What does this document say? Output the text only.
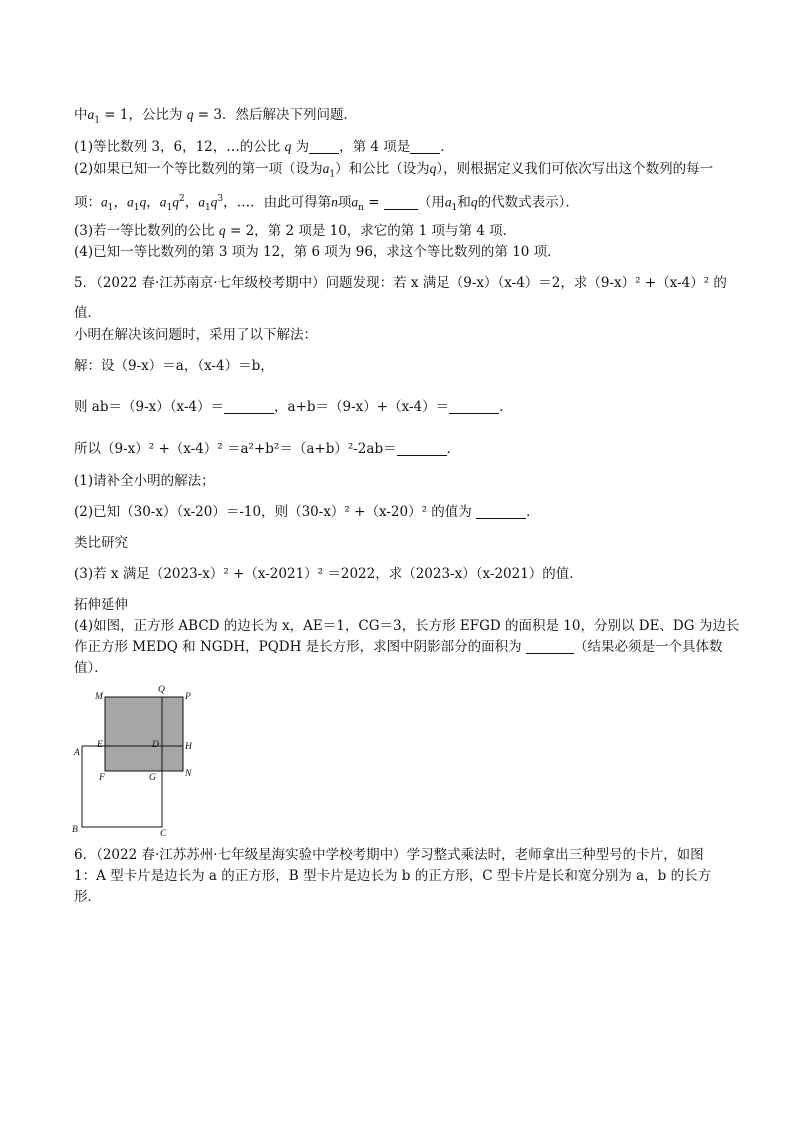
中$a_1 = 1$，公比为 q = 3．然后解决下列问题．
(1)等比数列 3，6，12，…的公比 q 为 ，第 4 项是 ．
(2)如果已知一个等比数列的第一项（设为$a_1$）和公比（设为q），则根据定义我们可依次写出这个数列的每一
项：$a_1$，$a_1q$，$a_1q^2$，$a_1q^3$，…．由此可得第n项$a_n$ =	（用$a_1$和q的代数式表示）．
(3)若一等比数列的公比 q = 2，第 2 项是 10，求它的第 1 项与第 4 项．
(4)已知一等比数列的第 3 项为 12，第 6 项为 96，求这个等比数列的第 10 项．
5．（2022 春·江苏南京·七年级校考期中）问题发现：若 x 满足（9-x）（x-4）＝2，求（9-x）² +（x-4）² 的
值．
小明在解决该问题时，采用了以下解法：
解：设（9-x）＝a，（x-4）＝b，
则 ab＝（9-x）（x-4）＝	，a+b＝（9-x）+（x-4）＝	．
所以（9-x）² +（x-4）² ＝a²+b²＝（a+b）²-2ab＝	．
(1)请补全小明的解法；
(2)已知（30-x）（x-20）＝-10，则（30-x）² +（x-20）² 的值为	．
类比研究
(3)若 x 满足（2023-x）² +（x-2021）² ＝2022，求（2023-x）（x-2021）的值．
拓伸延伸
(4)如图，正方形 ABCD 的边长为 x，AE＝1，CG＝3，长方形 EFGD 的面积是 10，分别以 DE、DG 为边长
作正方形 MEDQ 和 NGDH，PQDH 是长方形，求图中阴影部分的面积为	（结果必须是一个具体数
值）．
M
Q
P
A
E	D	H
F	G	N
B	C
6．（2022 春·江苏苏州·七年级星海实验中学校考期中）学习整式乘法时，老师拿出三种型号的卡片，如图
1：A 型卡片是边长为 a 的正方形，B 型卡片是边长为 b 的正方形，C 型卡片是长和宽分别为 a，b 的长方
形．
